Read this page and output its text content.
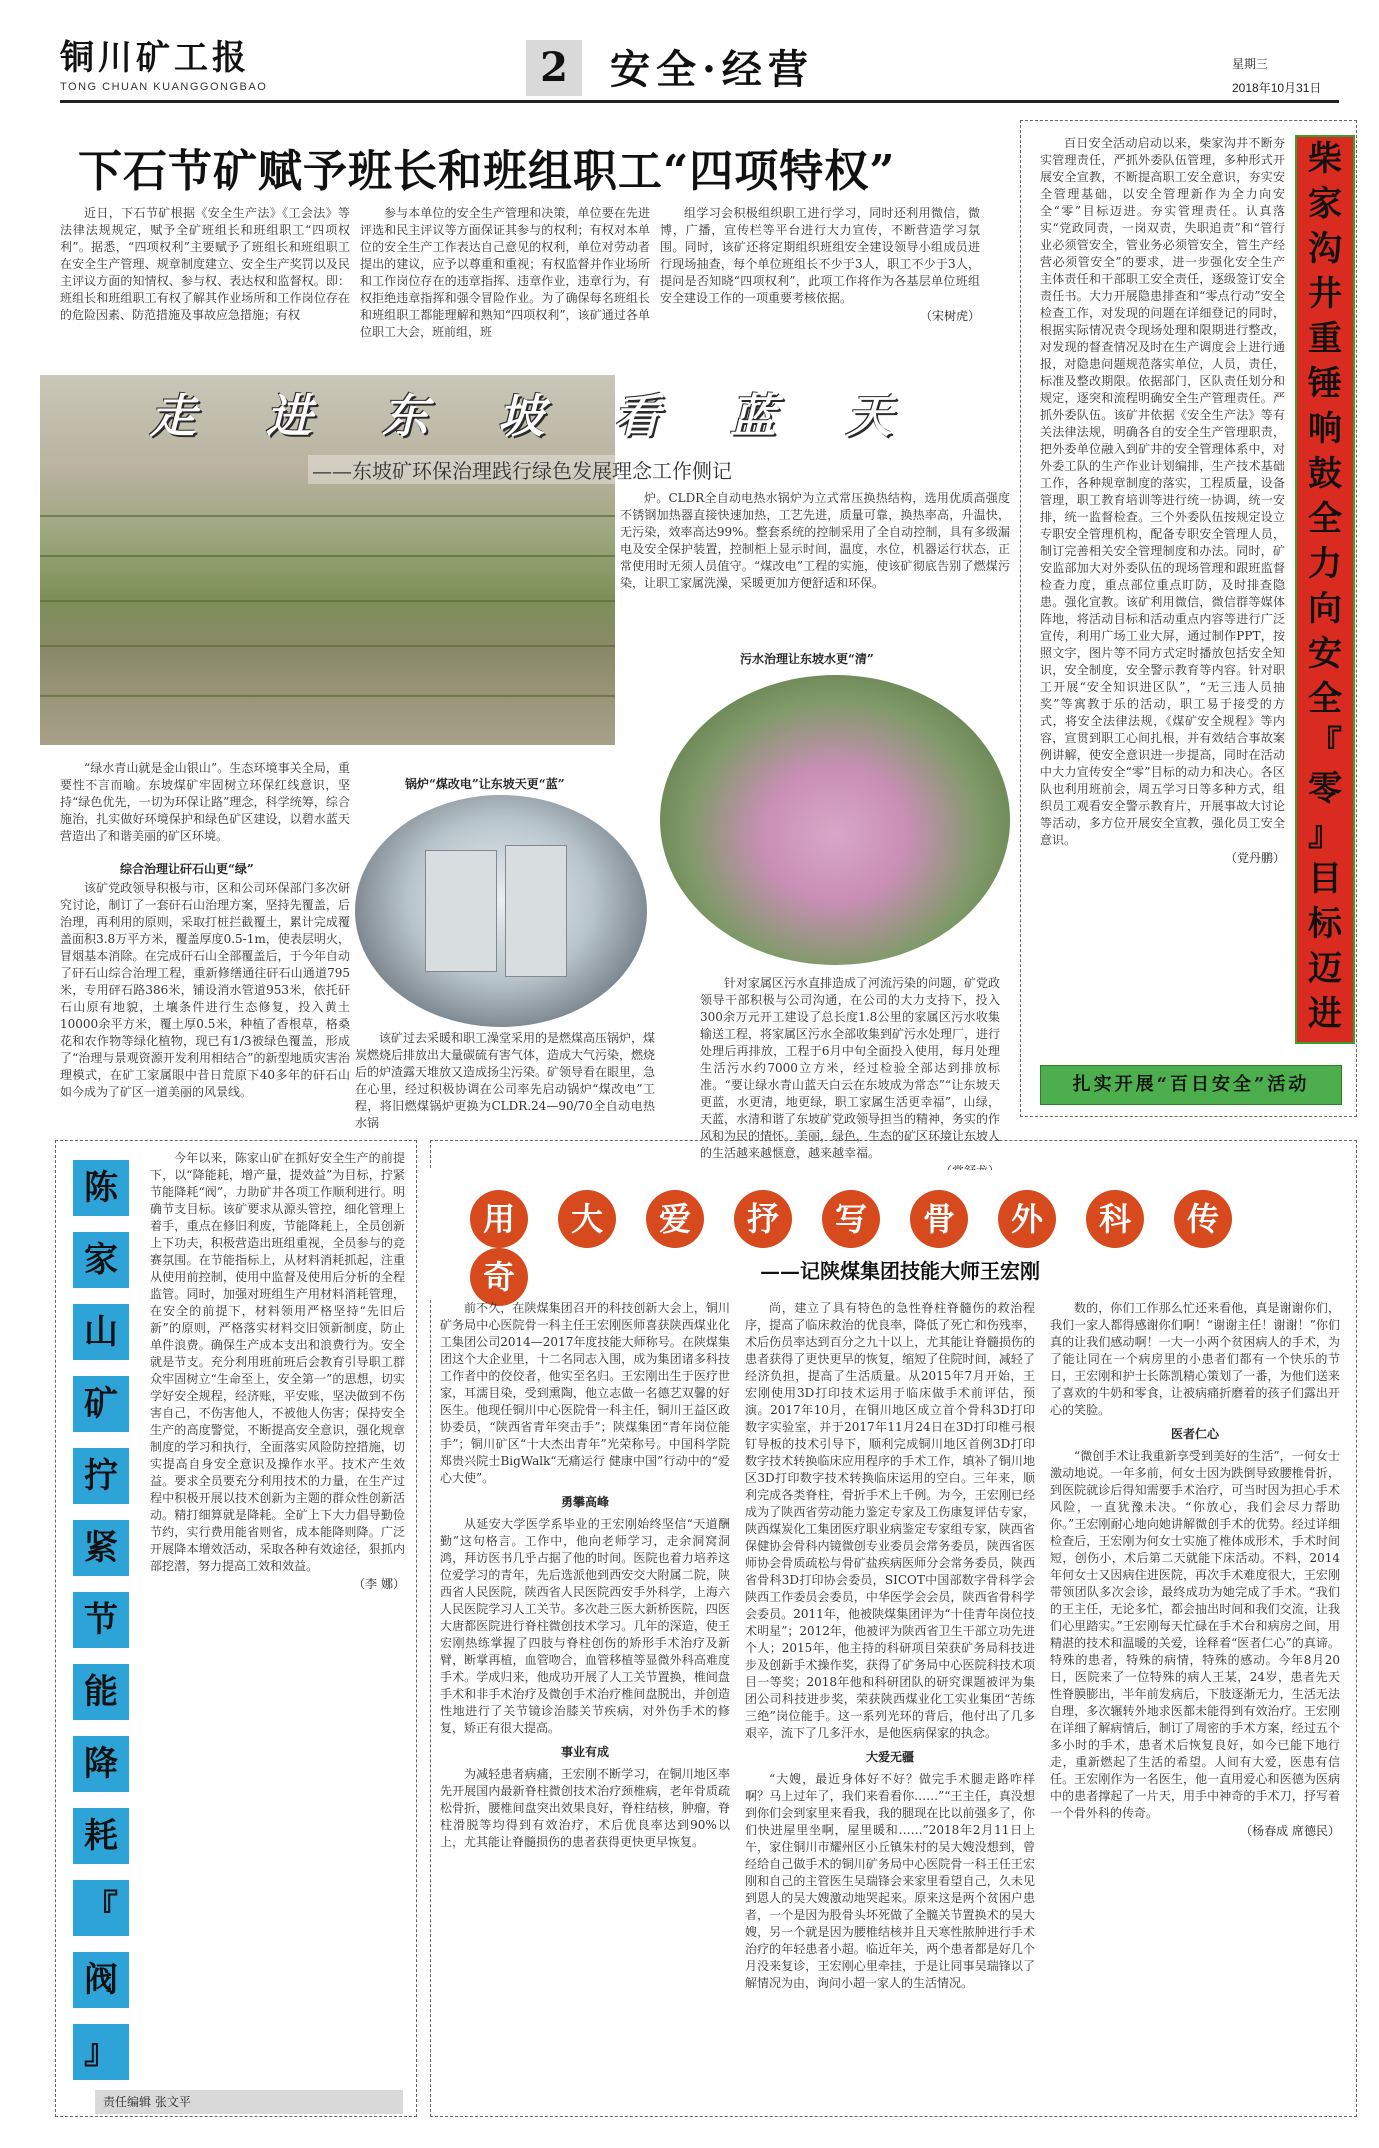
铜川矿工报
TONG CHUAN KUANGGONGBAO	2	安全·经营	星期三
2018年10月31日
下石节矿赋予班长和班组职工“四项特权”

近日，下石节矿根据《安全生产法》《工会法》等法律法规规定，赋予全矿班组长和班组职工“四项权利”。据悉，“四项权利”主要赋予了班组长和班组职工在安全生产管理、规章制度建立、安全生产奖罚以及民主评议方面的知情权、参与权、表达权和监督权。即：班组长和班组职工有权了解其作业场所和工作岗位存在的危险因素、防范措施及事故应急措施；有权

参与本单位的安全生产管理和决策，单位要在先进评选和民主评议等方面保证其参与的权利；有权对本单位的安全生产工作表达自己意见的权利，单位对劳动者提出的建议，应予以尊重和重视；有权监督并作业场所和工作岗位存在的违章指挥、违章作业，违章行为，有权拒绝违章指挥和强令冒险作业。为了确保每名班组长和班组职工都能理解和熟知“四项权利”，该矿通过各单位职工大会，班前组，班

组学习会积极组织职工进行学习，同时还利用微信，微博，广播，宣传栏等平台进行大力宣传，不断营造学习氛围。同时，该矿还将定期组织班组安全建设领导小组成员进行现场抽查，每个单位班组长不少于3人，职工不少于3人，提问是否知晓“四项权利”，此项工作将作为各基层单位班组安全建设工作的一项重要考核依据。

（宋树虎）
走进东坡看蓝天
——东坡矿环保治理践行绿色发展理念工作侧记

炉。CLDR全自动电热水锅炉为立式常压换热结构，选用优质高强度不锈钢加热器直接快速加热，工艺先进，质量可靠，换热率高，升温快，无污染，效率高达99%。整套系统的控制采用了全自动控制，具有多级漏电及安全保护装置，控制柜上显示时间，温度，水位，机器运行状态，正常使用时无须人员值守。“煤改电”工程的实施，使该矿彻底告别了燃煤污染，让职工家属洗澡，采暖更加方便舒适和环保。

污水治理让东坡水更“清”

“绿水青山就是金山银山”。生态环境事关全局，重要性不言而喻。东坡煤矿牢固树立环保红线意识，坚持“绿色优先，一切为环保让路”理念，科学统筹，综合施治，扎实做好环境保护和绿色矿区建设，以碧水蓝天营造出了和谐美丽的矿区环境。

锅炉“煤改电”让东坡天更“蓝”
综合治理让矸石山更“绿”

该矿党政领导积极与市，区和公司环保部门多次研究讨论，制订了一套矸石山治理方案，坚持先覆盖，后治理，再利用的原则，采取打桩拦截覆土，累计完成覆盖面积3.8万平方米，覆盖厚度0.5-1m，使表层明火，冒烟基本消除。在完成矸石山全部覆盖后，于今年自动了矸石山综合治理工程，重新修缮通往矸石山通道795米，专用砰石路386米，铺设消水管道953米，依托矸石山原有地貌，土壤条件进行生态修复，投入黄土10000余平方米，覆土厚0.5米，种植了香根草，格桑花和农作物等绿化植物，现已有1/3被绿色覆盖，形成了“治理与景观资源开发利用相结合”的新型地质灾害治理模式，在矿工家属眼中昔日荒原下40多年的矸石山如今成为了矿区一道美丽的风景线。

该矿过去采暖和职工澡堂采用的是燃煤高压锅炉，煤炭燃烧后排放出大量碳硫有害气体，造成大气污染，燃烧后的炉渣露天堆放又造成扬尘污染。矿领导看在眼里，急在心里，经过积极协调在公司率先启动锅炉“煤改电”工程，将旧燃煤锅炉更换为CLDR.24—90/70全自动电热水锅

针对家属区污水直排造成了河流污染的问题，矿党政领导干部积极与公司沟通，在公司的大力支持下，投入300余万元开工建设了总长度1.8公里的家属区污水收集输送工程，将家属区污水全部收集到矿污水处理厂，进行处理后再排放，工程于6月中旬全面投入使用，每月处理生活污水约7000立方米，经过检验全部达到排放标准。“要让绿水青山蓝天白云在东坡成为常态”“让东坡天更蓝，水更清，地更绿，职工家属生活更幸福”，山绿，天蓝，水清和谐了东坡矿党政领导担当的精神，务实的作风和为民的情怀。美丽，绿色，生态的矿区环境让东坡人的生活越来越惬意，越来越幸福。

百日安全活动启动以来，柴家沟井不断夯实管理责任，严抓外委队伍管理，多种形式开展安全宣教，不断提高职工安全意识，夯实安全管理基础，以安全管理新作为全力向安全“零”目标迈进。夯实管理责任。认真落实“党政同责，一岗双责，失职追责”和“管行业必须管安全，管业务必须管安全，管生产经营必须管安全”的要求，进一步强化安全生产主体责任和干部职工安全责任，逐级签订安全责任书。大力开展隐患排查和“零点行动”安全检查工作，对发现的问题在详细登记的同时，根据实际情况责令现场处理和限期进行整改，对发现的督查情况及时在生产调度会上进行通报，对隐患问题规范落实单位，人员，责任，标准及整改期限。依据部门，区队责任划分和规定，逐突和流程明确安全生产管理责任。严抓外委队伍。该矿井依据《安全生产法》等有关法律法规，明确各自的安全生产管理职责，把外委单位融入到矿井的安全管理体系中，对外委工队的生产作业计划编排，生产技术基础工作，各种规章制度的落实，工程质量，设备管理，职工教育培训等进行统一协调，统一安排，统一监督检查。三个外委队伍按规定设立专职安全管理机构，配备专职安全管理人员，制订完善相关安全管理制度和办法。同时，矿安监部加大对外委队伍的现场管理和跟班监督检查力度，重点部位重点盯防，及时排查隐患。强化宣教。该矿利用微信，微信群等媒体阵地，将活动目标和活动重点内容等进行广泛宣传，利用广场工业大屏，通过制作PPT，按照文字，图片等不同方式定时播放包括安全知识，安全制度，安全警示教育等内容。针对职工开展“安全知识进区队”，“无三违人员抽奖”等寓教于乐的活动，职工易于接受的方式，将安全法律法规，《煤矿安全规程》等内容，宣贯到职工心间扎根，并有效结合事故案例讲解，使安全意识进一步提高，同时在活动中大力宣传安全“零”目标的动力和决心。各区队也利用班前会，周五学习日等多种方式，组织员工观看安全警示教育片，开展事故大讨论等活动，多方位开展安全宣教，强化员工安全意识。

（党丹鹏）
柴
家
沟
井
重
锤
响
鼓
全
力
向
安
全
『
零
』
目
标
迈
进
扎实开展“百日安全”活动
陈
家
山
矿
拧
紧
节
能
降
耗
『
阀
』

今年以来，陈家山矿在抓好安全生产的前提下，以“降能耗，增产量，提效益”为目标，拧紧节能降耗“阀”，力助矿井各项工作顺利进行。明确节支目标。该矿要求从源头管控，细化管理上着手，重点在修旧利废，节能降耗上，全员创新上下功夫，积极营造出班组重视，全员参与的竞赛氛围。在节能指标上，从材料消耗抓起，注重从使用前控制，使用中监督及使用后分析的全程监管。同时，加强对班组生产用材料消耗管理，在安全的前提下，材料领用严格坚持“先旧后新”的原则，严格落实材料交旧领新制度，防止单件浪费。确保生产成本支出和浪费行为。安全就是节支。充分利用班前班后会教育引导职工群众牢固树立“生命至上，安全第一”的思想，切实学好安全规程，经济账，平安账，坚决做到不伤害自己，不伤害他人，不被他人伤害；保持安全生产的高度警觉，不断提高安全意识，强化规章制度的学习和执行，全面落实风险防控措施，切实提高自身安全意识及操作水平。技术产生效益。要求全员要充分利用技术的力量，在生产过程中积极开展以技术创新为主题的群众性创新活动。精打细算就是降耗。全矿上下大力倡导勤俭节约，实行费用能省则省，成本能降则降。广泛开展降本增效活动，采取各种有效途径，狠抓内部挖潜，努力提高工效和效益。

（李 娜）
责任编辑 张文平
用 大 爱 抒 写 骨 外 科 传奇	——记陕煤集团技能大师王宏刚

前不久，在陕煤集团召开的科技创新大会上，铜川矿务局中心医院骨一科主任王宏刚医师喜获陕西煤业化工集团公司2014—2017年度技能大师称号。在陕煤集团这个大企业里，十二名同志入围，成为集团诸多科技工作者中的佼佼者，他实至名归。王宏刚出生于医疗世家，耳濡目染，受到熏陶，他立志做一名德艺双馨的好医生。他现任铜川中心医院骨一科主任，铜川王益区政协委员，“陕西省青年突击手”；陕煤集团“青年岗位能手”；铜川矿区“十大杰出青年”光荣称号。中国科学院郑贵兴院士BigWalk“无痛运行 健康中国”行动中的“爱心大使”。

勇攀高峰

从延安大学医学系毕业的王宏刚始终坚信“天道酬勤”这句格言。工作中，他向老师学习，走余洞窝洞鸿，拜访医书几乎占据了他的时间。医院也着力培养这位爱学习的青年，先后选派他到西安交大附属二院，陕西省人民医院，陕西省人民医院西安手外科学，上海六人民医院学习人工关节。多次赴三医大新桥医院，四医大唐都医院进行脊柱微创技术学习。几年的深造，使王宏刚热练掌握了四肢与脊柱创伤的矫形手术治疗及新臂，断掌再植，血管吻合，血管移植等显微外科高难度手术。学成归来，他成功开展了人工关节置换，椎间盘手术和非手术治疗及微创手术治疗椎间盘脱出，并创造性地进行了关节镜诊治膝关节疾病，对外伤手术的修复，矫正有很大提高。

事业有成

为减轻患者病痛，王宏刚不断学习，在铜川地区率先开展国内最新脊柱微创技术治疗颈椎病，老年骨质疏松骨折，腰椎间盘突出效果良好，脊柱结核，肿瘤，脊柱滑脱等均得到有效治疗，术后优良率达到90%以上，尤其能让脊髓损伤的患者获得更快更早恢复。

尚，建立了具有特色的急性脊柱脊髓伤的救治程序，提高了临床救治的优良率，降低了死亡和伤残率，术后伤员率达到百分之九十以上，尤其能让脊髓损伤的患者获得了更快更早的恢复，缩短了住院时间，减轻了经济负担，提高了生活质量。从2015年7月开始，王宏刚使用3D打印技术运用于临床做手术前评估，预演。2017年10月，在铜川地区成立首个骨科3D打印数字实验室，并于2017年11月24日在3D打印椎弓根钉导板的技术引导下，顺利完成铜川地区首例3D打印数字技术转换临床应用程序的手术工作，填补了铜川地区3D打印数字技术转换临床运用的空白。三年来，顺利完成各类脊柱，骨折手术上千例。为今，王宏刚已经成为了陕西省劳动能力鉴定专家及工伤康复评估专家，陕西煤炭化工集团医疗职业病鉴定专家组专家，陕西省保健协会骨科内镜微创专业委员会常务委员，陕西省医师协会骨质疏松与骨矿盐疾病医师分会常务委员，陕西省骨科3D打印协会委员，SICOT中国部数字骨科学会陕西工作委员会委员，中华医学会会员，陕西省骨科学会委员。2011年，他被陕煤集团评为“十佳青年岗位技术明星”；2012年，他被评为陕西省卫生干部立功先进个人；2015年，他主持的科研项目荣获矿务局科技进步及创新手术操作奖，获得了矿务局中心医院科技术项目一等奖；2018年他和科研团队的研究课题被评为集团公司科技进步奖，荣获陕西煤业化工实业集团“苦练三绝”岗位能手。这一系列光环的背后，他付出了几多艰辛，流下了几多汗水，是他医病保家的执念。

大爱无疆

“大嫂，最近身体好不好？做完手术腿走路咋样啊？马上过年了，我们来看看你……”“王主任，真没想到你们会到家里来看我，我的腿现在比以前强多了，你们快进屋里坐啊，屋里暖和……”2018年2月11日上午，家住铜川市耀州区小丘镇朱村的吴大嫂没想到，曾经给自己做手术的铜川矿务局中心医院骨一科王任王宏刚和自己的主管医生吴瑞锋会来家里看望自己，久未见到恩人的吴大嫂激动地哭起来。原来这是两个贫困户患者，一个是因为股骨头坏死做了全髋关节置换术的吴大嫂，另一个就是因为腰椎结核并且天寒性脓肿进行手术治疗的年轻患者小超。临近年关，两个患者都是好几个月没来复诊，王宏刚心里牵挂，于是让同事吴瑞锋以了解情况为由，询问小超一家人的生活情况。

数的，你们工作那么忙还来看他，真是谢谢你们，我们一家人都得感谢你们啊！“谢谢主任！谢谢！”你们真的让我们感动啊！一大一小两个贫困病人的手术，为了能让同在一个病房里的小患者们都有一个快乐的节日，王宏刚和护士长陈凯精心策划了一番，为他们送来了喜欢的牛奶和零食，让被病痛折磨着的孩子们露出开心的笑脸。

医者仁心

“微创手术让我重新享受到美好的生活”，一何女士激动地说。一年多前，何女士因为跌倒导致腰椎骨折，到医院就诊后得知需要手术治疗，可当时因为担心手术风险，一直犹豫未决。“你放心，我们会尽力帮助你。”王宏刚耐心地向她讲解微创手术的优势。经过详细检查后，王宏刚为何女士实施了椎体成形术，手术时间短，创伤小，术后第二天就能下床活动。不料，2014年何女士又因病住进医院，再次手术难度很大，王宏刚带领团队多次会诊，最终成功为她完成了手术。“我们的王主任，无论多忙，都会抽出时间和我们交流，让我们心里踏实。”王宏刚每天忙碌在手术台和病房之间，用精湛的技术和温暖的关爱，诠释着“医者仁心”的真谛。特殊的患者，特殊的病情，特殊的感动。今年8月20日，医院来了一位特殊的病人王某，24岁，患者先天性脊膜膨出，半年前发病后，下肢逐渐无力，生活无法自理，多次辗转外地求医都未能得到有效治疗。王宏刚在详细了解病情后，制订了周密的手术方案，经过五个多小时的手术，患者术后恢复良好，如今已能下地行走，重新燃起了生活的希望。人间有大爱，医患有信任。王宏刚作为一名医生，他一直用爱心和医德为医病中的患者撑起了一片天，用手中神奇的手术刀，抒写着一个骨外科的传奇。

（杨春成 席德民）
